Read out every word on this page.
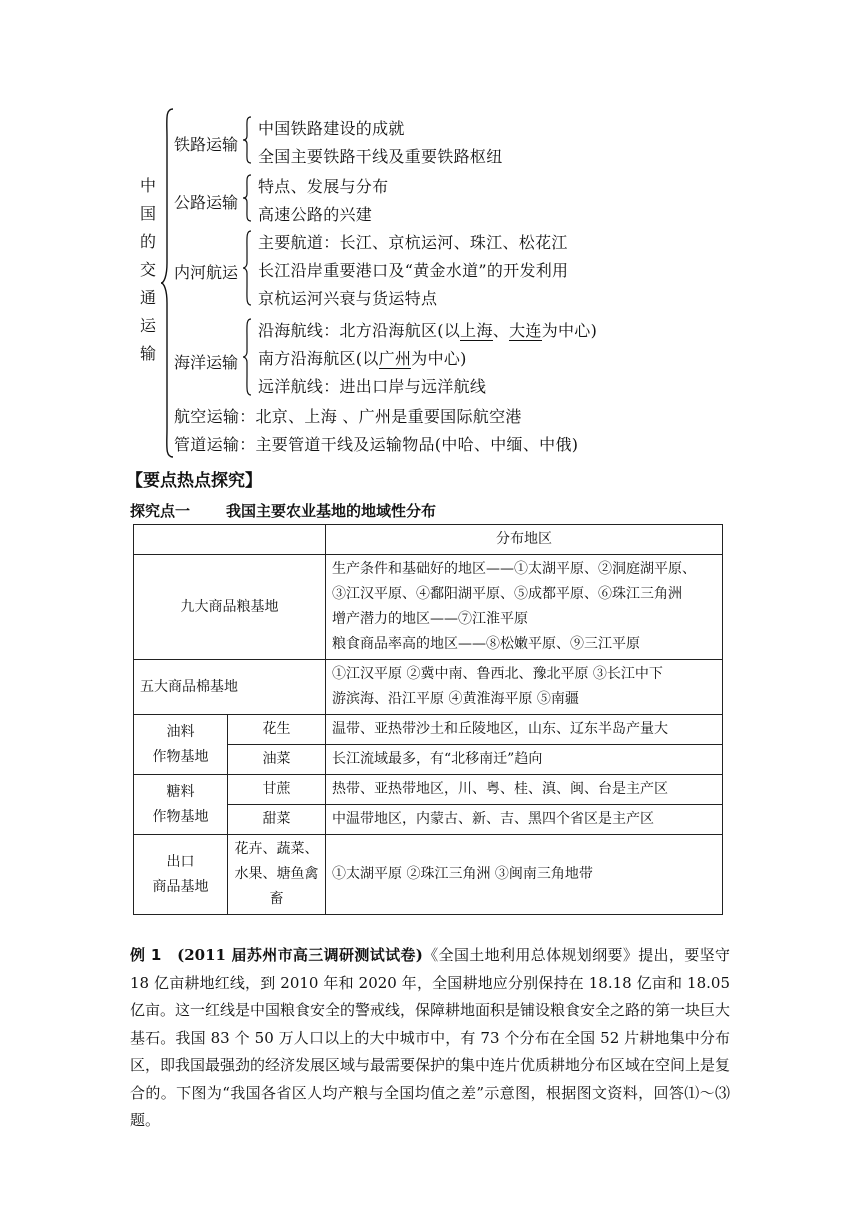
中
国
的
交
通
运
输
铁路运输
中国铁路建设的成就
全国主要铁路干线及重要铁路枢纽
公路运输
特点、发展与分布
高速公路的兴建
内河航运
主要航道：长江、京杭运河、珠江、松花江
长江沿岸重要港口及“黄金水道”的开发利用
京杭运河兴衰与货运特点
海洋运输
沿海航线：北方沿海航区(以上海、大连为中心)
南方沿海航区(以广州为中心)
远洋航线：进出口岸与远洋航线
航空运输：北京、上海 、广州是重要国际航空港
管道运输：主要管道干线及运输物品(中哈、中缅、中俄)
【要点热点探究】
探究点一 我国主要农业基地的地域性分布
		分布地区
九大商品粮基地		生产条件和基础好的地区——①太湖平原、②洞庭湖平原、
③江汉平原、④鄱阳湖平原、⑤成都平原、⑥珠江三角洲
增产潜力的地区——⑦江淮平原
粮食商品率高的地区——⑧松嫩平原、⑨三江平原

五大商品棉基地		①江汉平原 ②冀中南、鲁西北、豫北平原 ③长江中下
游滨海、沿江平原 ④黄淮海平原 ⑤南疆

油料
作物基地	花生	温带、亚热带沙土和丘陵地区，山东、辽东半岛产量大
	油菜	长江流域最多，有“北移南迁”趋向

糖料
作物基地	甘蔗	热带、亚热带地区，川、粤、桂、滇、闽、台是主产区
	甜菜	中温带地区，内蒙古、新、吉、黑四个省区是主产区

出口
商品基地	花卉、蔬菜、
水果、塘鱼禽
畜	①太湖平原 ②珠江三角洲 ③闽南三角地带
例 1　 (2011 届苏州市高三调研测试试卷)《全国土地利用总体规划纲要》提出，要坚守 18 亿亩耕地红线，到 2010 年和 2020 年，全国耕地应分别保持在 18.18 亿亩和 18.05 亿亩。这一红线是中国粮食安全的警戒线，保障耕地面积是铺设粮食安全之路的第一块巨大基石。我国 83 个 50 万人口以上的大中城市中，有 73 个分布在全国 52 片耕地集中分布区，即我国最强劲的经济发展区域与最需要保护的集中连片优质耕地分布区域在空间上是复合的。下图为“我国各省区人均产粮与全国均值之差”示意图，根据图文资料，回答⑴～⑶题。
